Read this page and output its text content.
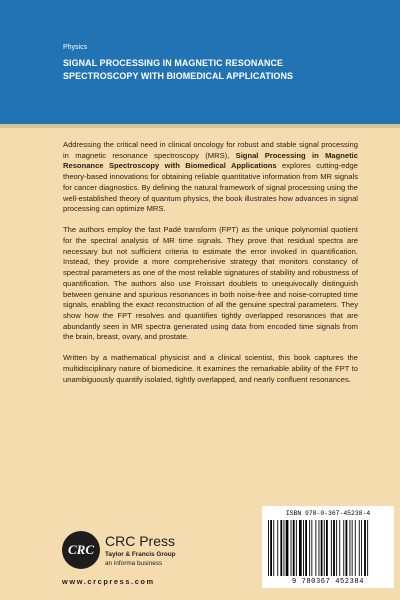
Physics
SIGNAL PROCESSING IN MAGNETIC RESONANCE SPECTROSCOPY WITH BIOMEDICAL APPLICATIONS

Addressing the critical need in clinical oncology for robust and stable signal processing in magnetic resonance spectroscopy (MRS), Signal Processing in Magnetic Resonance Spectroscopy with Biomedical Applications explores cutting-edge theory-based innovations for obtaining reliable quantitative information from MR signals for cancer diagnostics. By defining the natural framework of signal processing using the well-established theory of quantum physics, the book illustrates how advances in signal processing can optimize MRS.

The authors employ the fast Padé transform (FPT) as the unique polynomial quotient for the spectral analysis of MR time signals. They prove that residual spectra are necessary but not sufficient criteria to estimate the error invoked in quantification. Instead, they provide a more comprehensive strategy that monitors constancy of spectral parameters as one of the most reliable signatures of stability and robustness of quantification. The authors also use Froissart doublets to unequivocally distinguish between genuine and spurious resonances in both noise-free and noise-corrupted time signals, enabling the exact reconstruction of all the genuine spectral parameters. They show how the FPT resolves and quantifies tightly overlapped resonances that are abundantly seen in MR spectra generated using data from encoded time signals from the brain, breast, ovary, and prostate.

Written by a mathematical physicist and a clinical scientist, this book captures the multidisciplinary nature of biomedicine. It examines the remarkable ability of the FPT to unambiguously quantify isolated, tightly overlapped, and nearly confluent resonances.

CRC
CRC Press
Taylor & Francis Group
an informa business
www.crcpress.com
ISBN 978-0-367-45238-4
9 780367 452384
